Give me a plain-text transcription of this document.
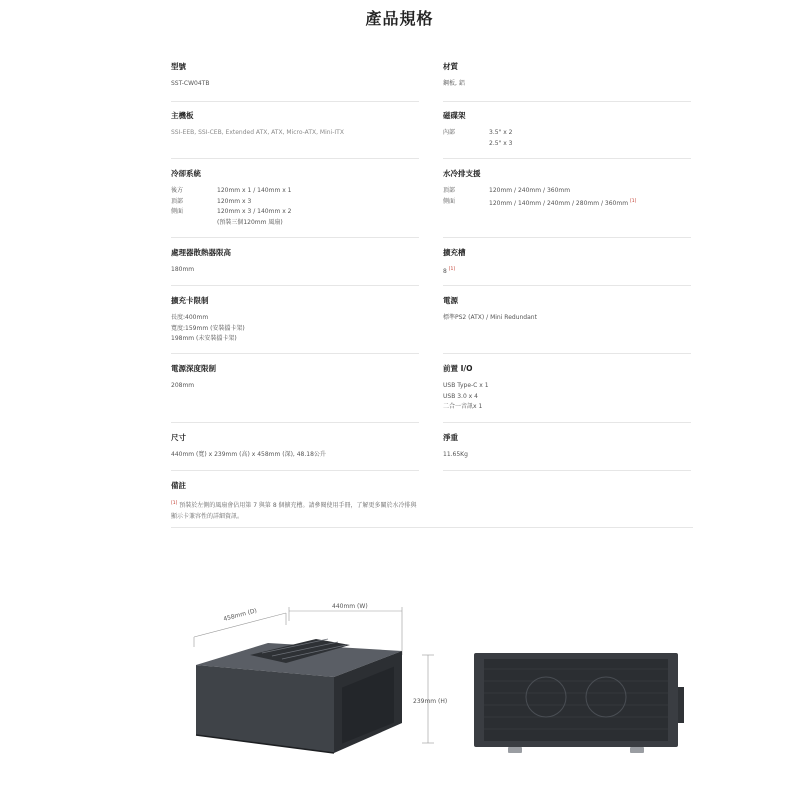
產品規格
型號
SST-CW04TB
主機板
SSI-EEB, SSI-CEB, Extended ATX, ATX, Micro-ATX, Mini-ITX
冷卻系統
後方	120mm x 1 / 140mm x 1
頂部	120mm x 3
側面	120mm x 3 / 140mm x 2
(預裝三個120mm 風扇)
處理器散熱器限高
180mm
擴充卡限制
長度:400mm
寬度:159mm (安裝擋卡架)
198mm (未安裝擋卡架)
電源深度限制
208mm
尺寸
440mm (寬) x 239mm (高) x 458mm (深), 48.18公升
備註
[1] 預裝於左側的風扇會佔用第 7 與第 8 個擴充槽。請參閱使用手冊，了解更多關於水冷排與顯示卡兼容性的詳細資訊。
材質
鋼板, 鋁
磁碟架
內部	3.5" x 2
2.5" x 3
水冷排支援
頂部	120mm / 240mm / 360mm
側面	120mm / 140mm / 240mm / 280mm / 360mm [1]
擴充槽
8 [1]
電源
標準PS2 (ATX) / Mini Redundant
前置 I/O
USB Type-C x 1
USB 3.0 x 4
二合一音訊x 1
淨重
11.65Kg
458mm (D)
440mm (W)
239mm (H)
